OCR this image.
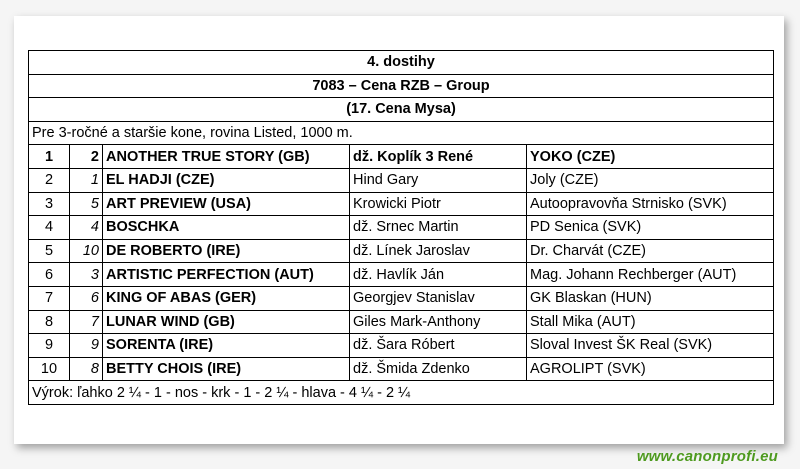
4. dostihy				
7083 – Cena RZB – Group				
(17. Cena Mysa)				
Pre 3-ročné a staršie kone, rovina Listed, 1000 m.				
1	2	ANOTHER TRUE STORY (GB)	dž. Koplík 3 René	YOKO (CZE)
2	1	EL HADJI (CZE)	Hind Gary	Joly (CZE)
3	5	ART PREVIEW (USA)	Krowicki Piotr	Autoopravovňa Strnisko (SVK)
4	4	BOSCHKA	dž. Srnec Martin	PD Senica (SVK)
5	10	DE ROBERTO (IRE)	dž. Línek Jaroslav	Dr. Charvát (CZE)
6	3	ARTISTIC PERFECTION (AUT)	dž. Havlík Ján	Mag. Johann Rechberger (AUT)
7	6	KING OF ABAS (GER)	Georgjev Stanislav	GK Blaskan (HUN)
8	7	LUNAR WIND (GB)	Giles Mark-Anthony	Stall Mika (AUT)
9	9	SORENTA (IRE)	dž. Šara Róbert	Sloval Invest ŠK Real (SVK)
10	8	BETTY CHOIS (IRE)	dž. Šmida Zdenko	AGROLIPT (SVK)
Výrok: ľahko 2 ¼ - 1 - nos - krk - 1 - 2 ¼ - hlava - 4 ¼ - 2 ¼				
www.canonprofi.eu
